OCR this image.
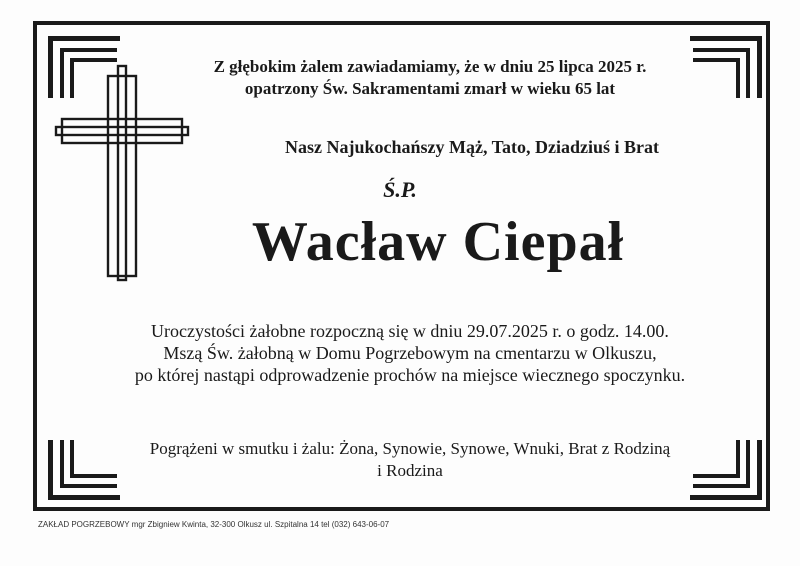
Z głębokim żalem zawiadamiamy, że w dniu 25 lipca 2025 r.
opatrzony Św. Sakramentami zmarł w wieku 65 lat
Nasz Najukochańszy Mąż, Tato, Dziadziuś i Brat
Ś.P.
Wacław Ciepał
Uroczystości żałobne rozpoczną się w dniu 29.07.2025 r. o godz. 14.00.
Mszą Św. żałobną w Domu Pogrzebowym na cmentarzu w Olkuszu,
po której nastąpi odprowadzenie prochów na miejsce wiecznego spoczynku.
Pogrążeni w smutku i żalu: Żona, Synowie, Synowe, Wnuki, Brat z Rodziną
i Rodzina
ZAKŁAD POGRZEBOWY mgr Zbigniew Kwinta, 32-300 Olkusz ul. Szpitalna 14 tel (032) 643-06-07
